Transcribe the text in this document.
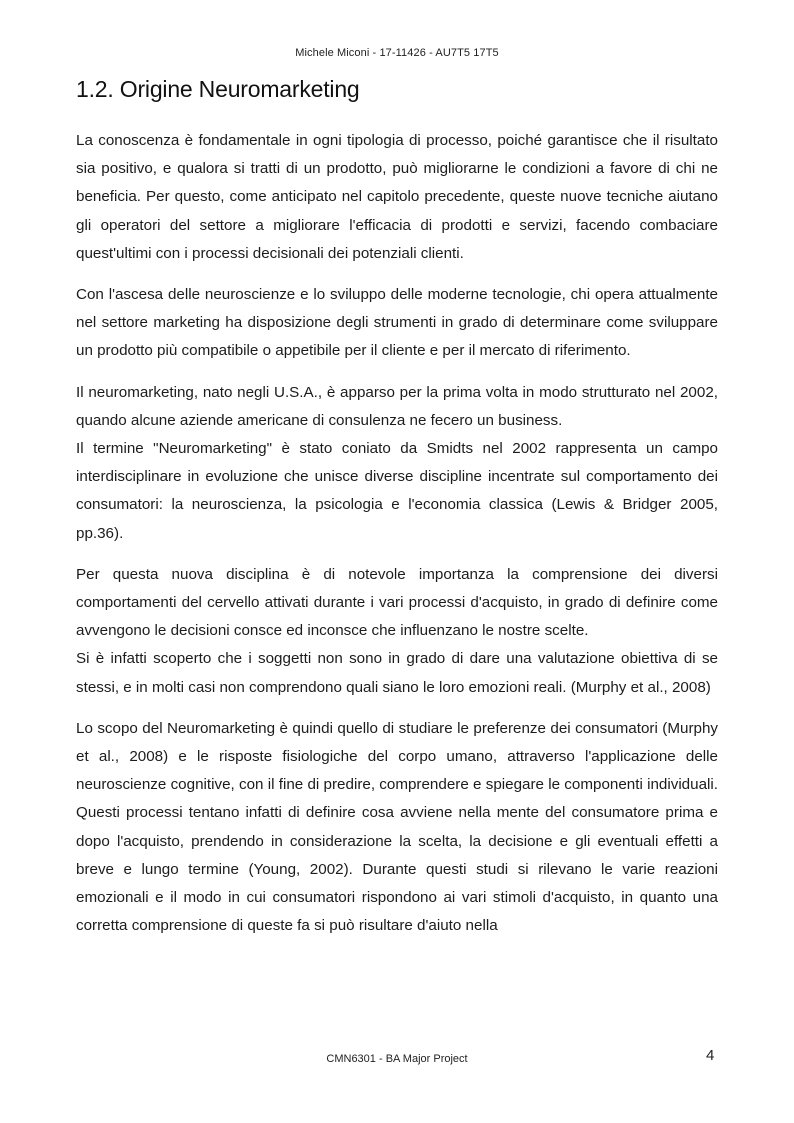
Michele Miconi - 17-11426 - AU7T5 17T5
1.2. Origine Neuromarketing

La conoscenza è fondamentale in ogni tipologia di processo, poiché garantisce che il risultato sia positivo, e qualora si tratti di un prodotto, può migliorarne le condizioni a favore di chi ne beneficia. Per questo, come anticipato nel capitolo precedente, queste nuove tecniche aiutano gli operatori del settore a migliorare l'efficacia di prodotti e servizi, facendo combaciare quest'ultimi con i processi decisionali dei potenziali clienti.

Con l'ascesa delle neuroscienze e lo sviluppo delle moderne tecnologie, chi opera attualmente nel settore marketing ha disposizione degli strumenti in grado di determinare come sviluppare un prodotto più compatibile o appetibile per il cliente e per il mercato di riferimento.

Il neuromarketing, nato negli U.S.A., è apparso per la prima volta in modo strutturato nel 2002, quando alcune aziende americane di consulenza ne fecero un business.

Il termine "Neuromarketing" è stato coniato da Smidts nel 2002 rappresenta un campo interdisciplinare in evoluzione che unisce diverse discipline incentrate sul comportamento dei consumatori: la neuroscienza, la psicologia e l'economia classica (Lewis & Bridger 2005, pp.36).

Per questa nuova disciplina è di notevole importanza la comprensione dei diversi comportamenti del cervello attivati durante i vari processi d'acquisto, in grado di definire come avvengono le decisioni consce ed inconsce che influenzano le nostre scelte.

Si è infatti scoperto che i soggetti non sono in grado di dare una valutazione obiettiva di se stessi, e in molti casi non comprendono quali siano le loro emozioni reali. (Murphy et al., 2008)

Lo scopo del Neuromarketing è quindi quello di studiare le preferenze dei consumatori (Murphy et al., 2008) e le risposte fisiologiche del corpo umano, attraverso l'applicazione delle neuroscienze cognitive, con il fine di predire, comprendere e spiegare le componenti individuali. Questi processi tentano infatti di definire cosa avviene nella mente del consumatore prima e dopo l'acquisto, prendendo in considerazione la scelta, la decisione e gli eventuali effetti a breve e lungo termine (Young, 2002). Durante questi studi si rilevano le varie reazioni emozionali e il modo in cui consumatori rispondono ai vari stimoli d'acquisto, in quanto una corretta comprensione di queste fa si può risultare d'aiuto nella

CMN6301 - BA Major Project	4
